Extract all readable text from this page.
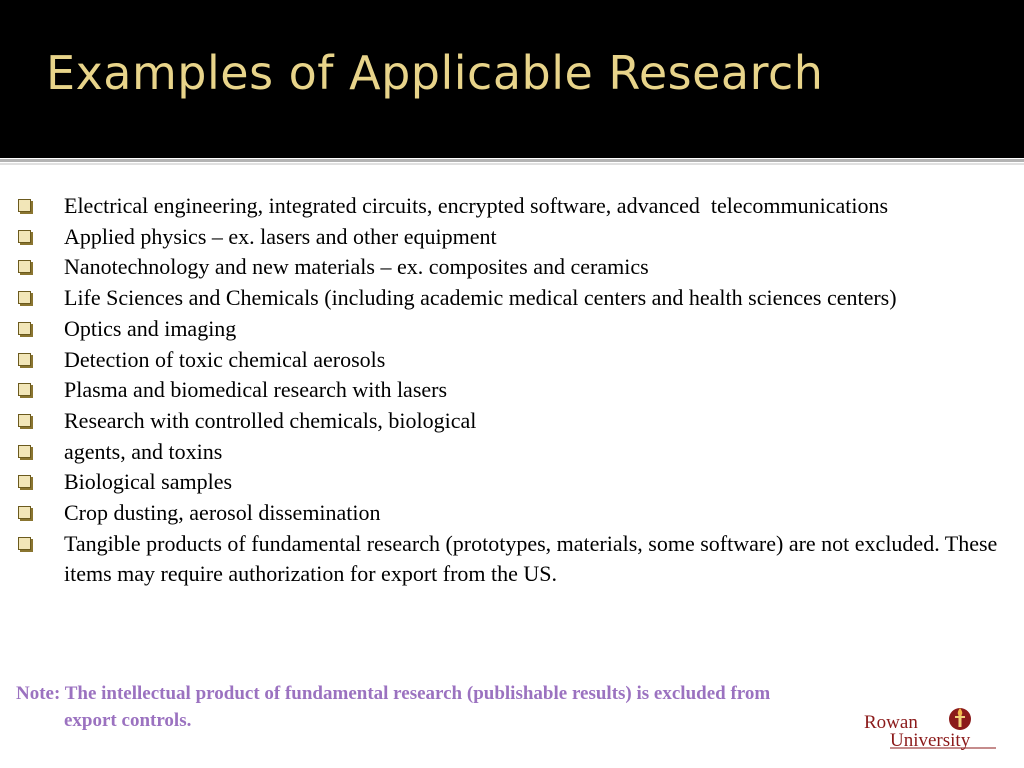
Examples of Applicable Research
Electrical engineering, integrated circuits, encrypted software, advanced  telecommunications
Applied physics – ex. lasers and other equipment
Nanotechnology and new materials – ex. composites and ceramics
Life Sciences and Chemicals (including academic medical centers and health sciences centers)
Optics and imaging
Detection of toxic chemical aerosols
Plasma and biomedical research with lasers
Research with controlled chemicals, biological
agents, and toxins
Biological samples
Crop dusting, aerosol dissemination
Tangible products of fundamental research (prototypes, materials, some software) are not excluded. These items may require authorization for export from the US.
Note: The intellectual product of fundamental research (publishable results) is excluded from
export controls.	Rowan
University
